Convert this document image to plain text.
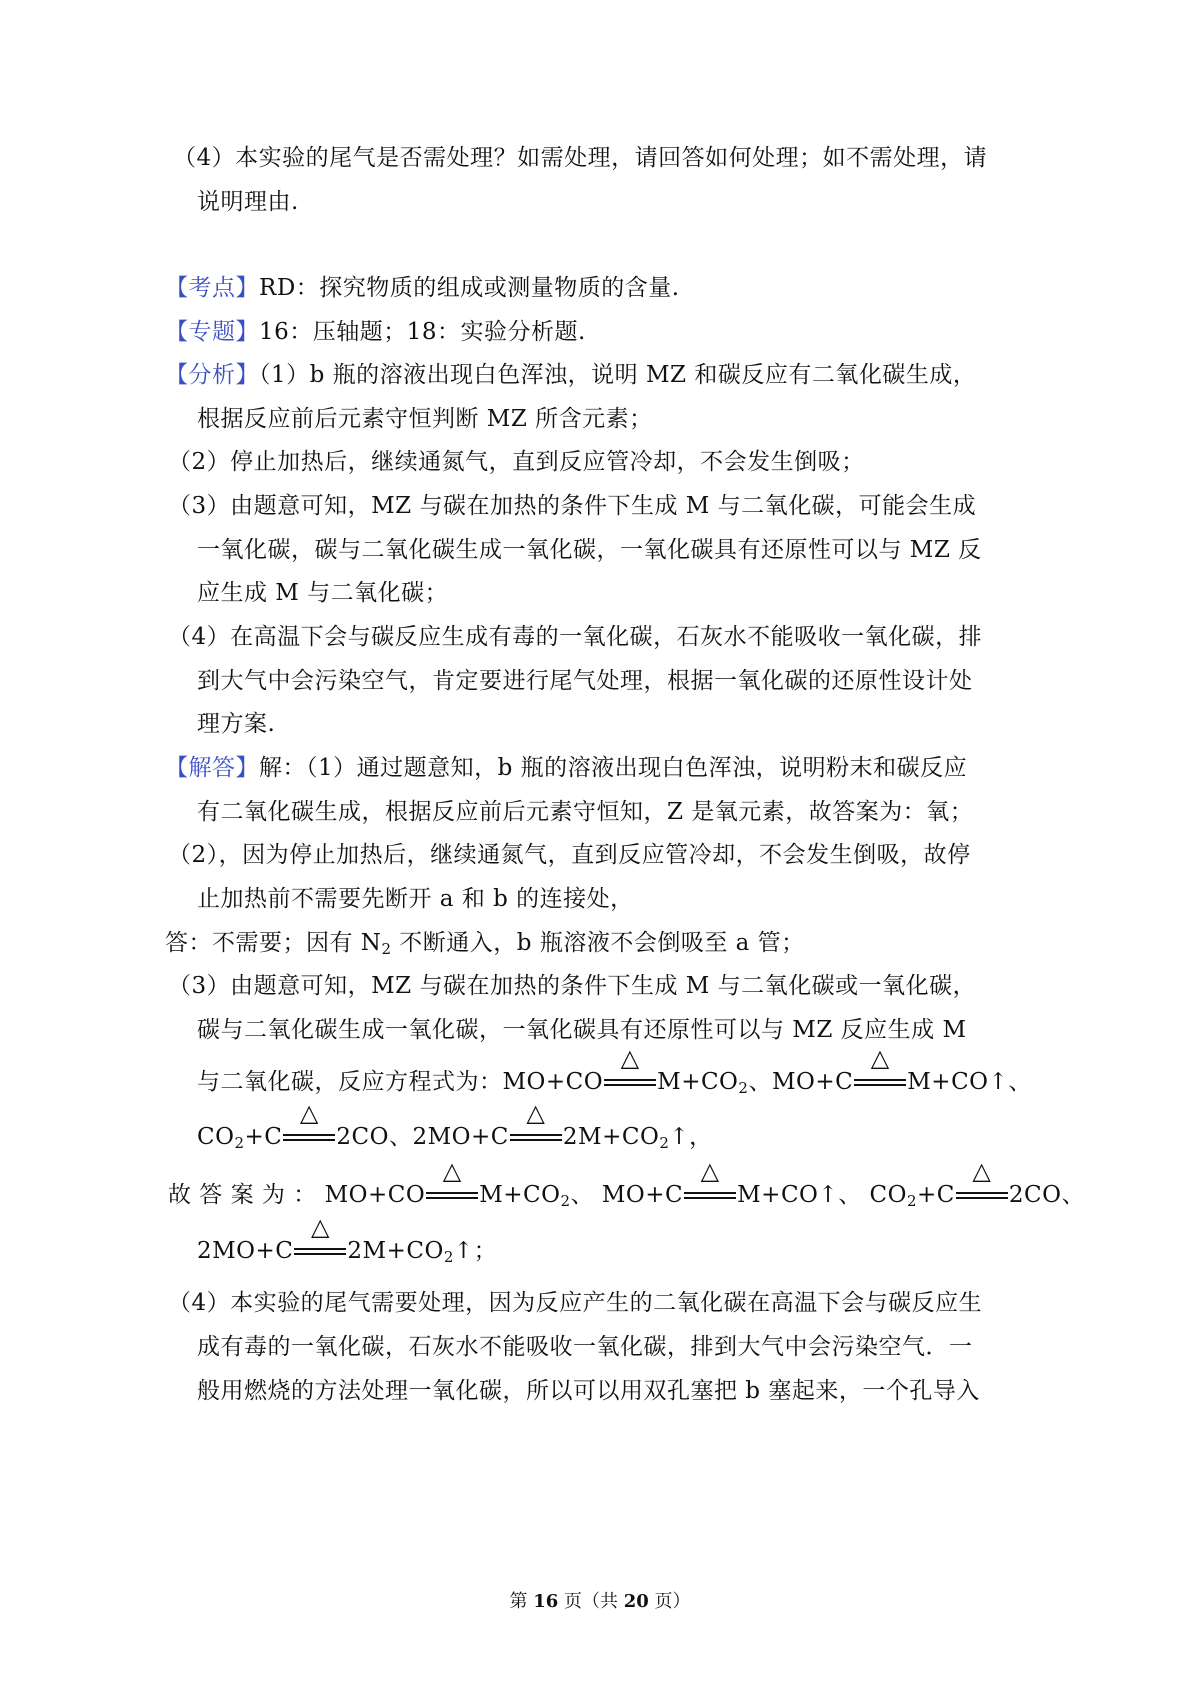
（4）本实验的尾气是否需处理？如需处理，请回答如何处理；如不需处理，请
说明理由.
【考点】RD：探究物质的组成或测量物质的含量.
【专题】16：压轴题；18：实验分析题.
【分析】（1）b 瓶的溶液出现白色浑浊，说明 MZ 和碳反应有二氧化碳生成，
根据反应前后元素守恒判断 MZ 所含元素；
（2）停止加热后，继续通氮气，直到反应管冷却，不会发生倒吸；
（3）由题意可知，MZ 与碳在加热的条件下生成 M 与二氧化碳，可能会生成
一氧化碳，碳与二氧化碳生成一氧化碳，一氧化碳具有还原性可以与 MZ 反
应生成 M 与二氧化碳；
（4）在高温下会与碳反应生成有毒的一氧化碳，石灰水不能吸收一氧化碳，排
到大气中会污染空气，肯定要进行尾气处理，根据一氧化碳的还原性设计处
理方案.
【解答】解：（1）通过题意知，b 瓶的溶液出现白色浑浊，说明粉末和碳反应
有二氧化碳生成，根据反应前后元素守恒知，Z 是氧元素，故答案为：氧；
（2），因为停止加热后，继续通氮气，直到反应管冷却，不会发生倒吸，故停
止加热前不需要先断开 a 和 b 的连接处，
答：不需要；因有 $N_2$ 不断通入，b 瓶溶液不会倒吸至 a 管；
（3）由题意可知，MZ 与碳在加热的条件下生成 M 与二氧化碳或一氧化碳，
碳与二氧化碳生成一氧化碳，一氧化碳具有还原性可以与 MZ 反应生成 M
与二氧化碳，反应方程式为：MO+CO
△
$M+CO_2$、MO+C
△
M+CO↑、
$CO_2+C$
△
2CO、2MO+C
△
$2M+CO_2↑$，
故 答 案 为 ： MO+CO
△
$M+CO_2$、 MO+C
△
M+CO↑、 $CO_2+C$
△
2CO、
2MO+C
△
$2M+CO_2↑$；
（4）本实验的尾气需要处理，因为反应产生的二氧化碳在高温下会与碳反应生
成有毒的一氧化碳，石灰水不能吸收一氧化碳，排到大气中会污染空气．一
般用燃烧的方法处理一氧化碳，所以可以用双孔塞把 b 塞起来，一个孔导入
第 16 页（共 20 页）
